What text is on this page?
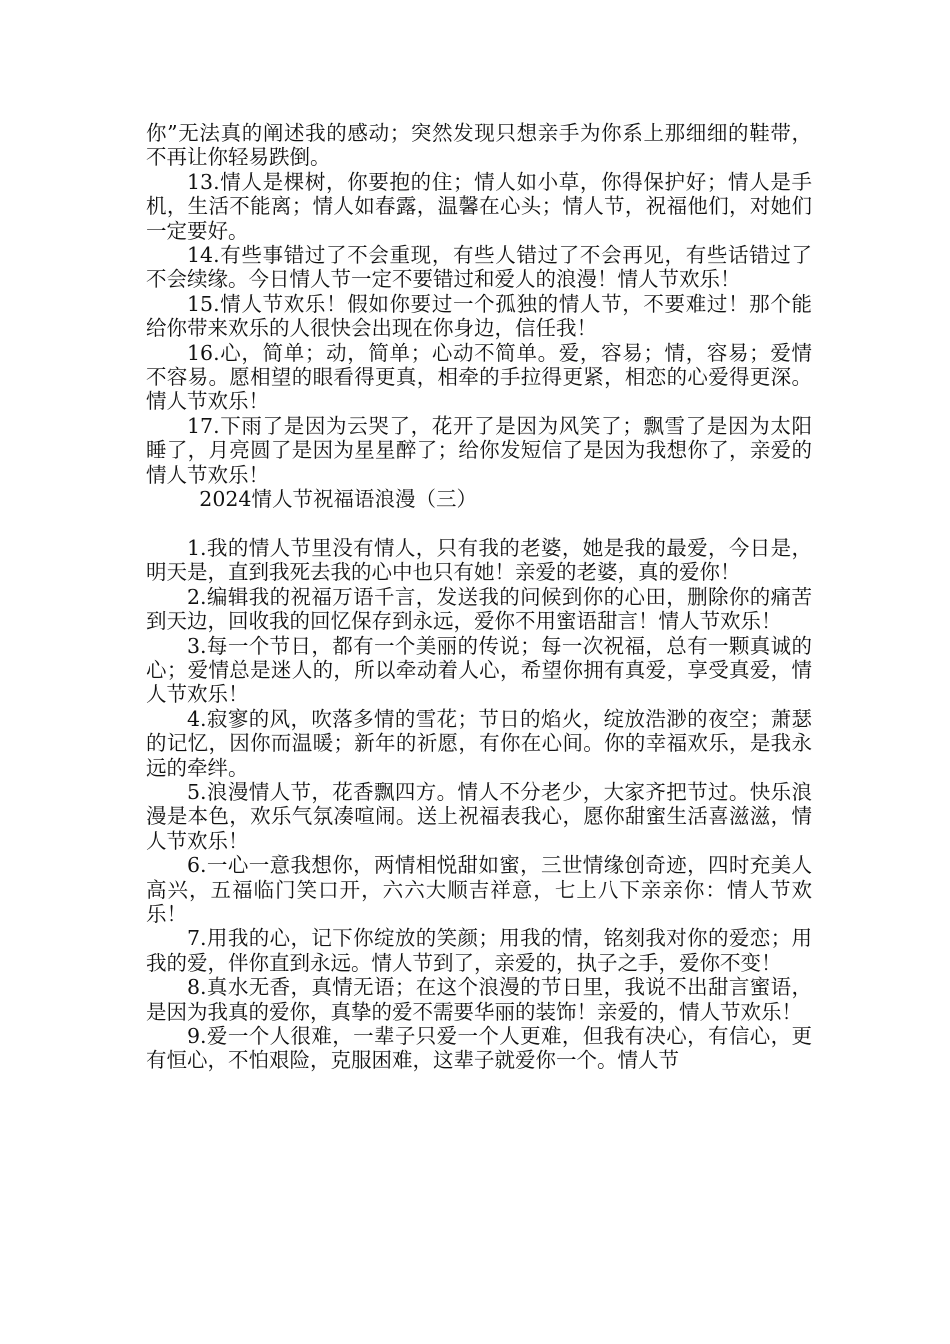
你”无法真的阐述我的感动；突然发现只想亲手为你系上那细细的鞋带，不再让你轻易跌倒。

13.情人是棵树，你要抱的住；情人如小草，你得保护好；情人是手机，生活不能离；情人如春露，温馨在心头；情人节，祝福他们，对她们一定要好。

14.有些事错过了不会重现，有些人错过了不会再见，有些话错过了不会续缘。今日情人节一定不要错过和爱人的浪漫！情人节欢乐！

15.情人节欢乐！假如你要过一个孤独的情人节，不要难过！那个能给你带来欢乐的人很快会出现在你身边，信任我！

16.心，简单；动，简单；心动不简单。爱，容易；情，容易；爱情不容易。愿相望的眼看得更真，相牵的手拉得更紧，相恋的心爱得更深。情人节欢乐！

17.下雨了是因为云哭了，花开了是因为风笑了；飘雪了是因为太阳睡了，月亮圆了是因为星星醉了；给你发短信了是因为我想你了，亲爱的情人节欢乐！

2024情人节祝福语浪漫（三）

1.我的情人节里没有情人，只有我的老婆，她是我的最爱，今日是，明天是，直到我死去我的心中也只有她！亲爱的老婆，真的爱你！

2.编辑我的祝福万语千言，发送我的问候到你的心田，删除你的痛苦到天边，回收我的回忆保存到永远，爱你不用蜜语甜言！情人节欢乐！

3.每一个节日，都有一个美丽的传说；每一次祝福，总有一颗真诚的心；爱情总是迷人的，所以牵动着人心，希望你拥有真爱，享受真爱，情人节欢乐！

4.寂寥的风，吹落多情的雪花；节日的焰火，绽放浩渺的夜空；萧瑟的记忆，因你而温暖；新年的祈愿，有你在心间。你的幸福欢乐，是我永远的牵绊。

5.浪漫情人节，花香飘四方。情人不分老少，大家齐把节过。快乐浪漫是本色，欢乐气氛凑喧闹。送上祝福表我心，愿你甜蜜生活喜滋滋，情人节欢乐！

6.一心一意我想你，两情相悦甜如蜜，三世情缘创奇迹，四时充美人高兴，五福临门笑口开，六六大顺吉祥意，七上八下亲亲你：情人节欢乐！

7.用我的心，记下你绽放的笑颜；用我的情，铭刻我对你的爱恋；用我的爱，伴你直到永远。情人节到了，亲爱的，执子之手，爱你不变！

8.真水无香，真情无语；在这个浪漫的节日里，我说不出甜言蜜语，是因为我真的爱你，真挚的爱不需要华丽的装饰！亲爱的，情人节欢乐！

9.爱一个人很难，一辈子只爱一个人更难，但我有决心，有信心，更有恒心，不怕艰险，克服困难，这辈子就爱你一个。情人节
